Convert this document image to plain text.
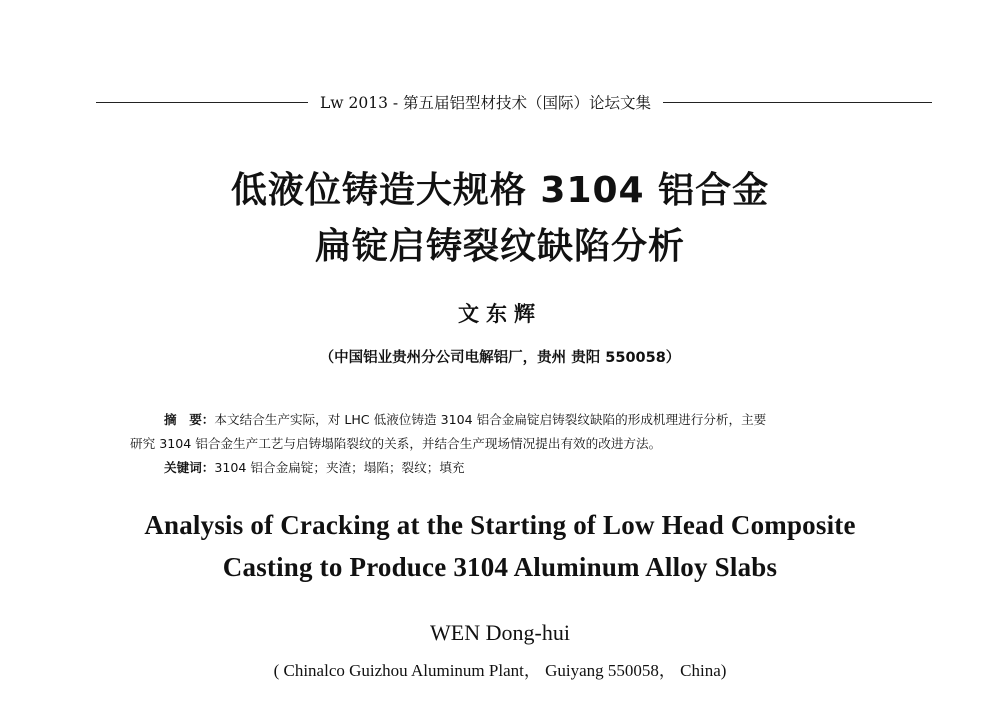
Lw 2013 - 第五届铝型材技术（国际）论坛文集
低液位铸造大规格 3104 铝合金
扁锭启铸裂纹缺陷分析
文东辉
（中国铝业贵州分公司电解铝厂，贵州 贵阳 550058）
摘　要：本文结合生产实际，对 LHC 低液位铸造 3104 铝合金扁锭启铸裂纹缺陷的形成机理进行分析，主要
研究 3104 铝合金生产工艺与启铸塌陷裂纹的关系，并结合生产现场情况提出有效的改进方法。
关键词：3104 铝合金扁锭；夹渣；塌陷；裂纹；填充
Analysis of Cracking at the Starting of Low Head Composite
Casting to Produce 3104 Aluminum Alloy Slabs
WEN Dong-hui
( Chinalco Guizhou Aluminum Plant， Guiyang 550058， China)
